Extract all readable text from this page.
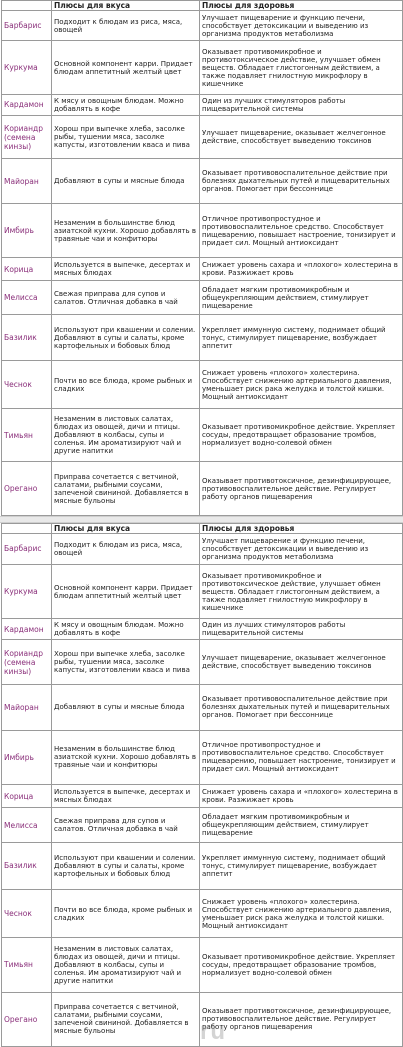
	Плюсы для вкуса	Плюсы для здоровья
Барбарис	Подходит к блюдам из риса, мяса, овощей	Улучшает пищеварение и функцию печени, способствует детоксикации и выведению из организма продуктов метаболизма
Куркума	Основной компонент карри. Придает блюдам аппетитный желтый цвет	Оказывает противомикробное и противотоксическое действие, улучшает обмен веществ. Обладает глистогонным действием, а также подавляет гнилостную микрофлору в кишечнике
Кардамон	К мясу и овощным блюдам. Можно добавлять в кофе	Один из лучших стимуляторов работы пищеварительной системы
Кориандр (семена кинзы)	Хорош при выпечке хлеба, засолке рыбы, тушении мяса, засолке капусты, изготовлении кваса и пива	Улучшает пищеварение, оказывает желчегонное действие, способствует выведению токсинов
Майоран	Добавляют в супы и мясные блюда	Оказывает противовоспалительное действие при болезнях дыхательных путей и пищеварительных органов. Помогает при бессоннице
Имбирь	Незаменим в большинстве блюд азиатской кухни. Хорошо добавлять в травяные чаи и конфитюры	Отличное противопростудное и противовоспалительное средство. Способствует пищеварению, повышает настроение, тонизирует и придает сил. Мощный антиоксидант
Корица	Используется в выпечке, десертах и мясных блюдах	Снижает уровень сахара и «плохого» холестерина в крови. Разжижает кровь
Мелисса	Свежая приправа для супов и салатов. Отличная добавка в чай	Обладает мягким противомикробным и общеукрепляющим действием, стимулирует пищеварение
Базилик	Используют при квашении и солении. Добавляют в супы и салаты, кроме картофельных и бобовых блюд	Укрепляет иммунную систему, поднимает общий тонус, стимулирует пищеварение, возбуждает аппетит
Чеснок	Почти во все блюда, кроме рыбных и сладких	Снижает уровень «плохого» холестерина. Способствует снижению артериального давления, уменьшает риск рака желудка и толстой кишки. Мощный антиоксидант
Тимьян	Незаменим в листовых салатах, блюдах из овощей, дичи и птицы. Добавляют в колбасы, супы и соленья. Им ароматизируют чай и другие напитки	Оказывает противомикробное действие. Укрепляет сосуды, предотвращает образование тромбов, нормализует водно-солевой обмен
Орегано	Приправа сочетается с ветчиной, салатами, рыбными соусами, запеченой свининой. Добавляется в мясные бульоны	Оказывает противотоксичное, дезинфицирующее, противовоспалительное действие. Регулирует работу органов пищеварения
	Плюсы для вкуса	Плюсы для здоровья
Барбарис	Подходит к блюдам из риса, мяса, овощей	Улучшает пищеварение и функцию печени, способствует детоксикации и выведению из организма продуктов метаболизма
Куркума	Основной компонент карри. Придает блюдам аппетитный желтый цвет	Оказывает противомикробное и противотоксическое действие, улучшает обмен веществ. Обладает глистогонным действием, а также подавляет гнилостную микрофлору в кишечнике
Кардамон	К мясу и овощным блюдам. Можно добавлять в кофе	Один из лучших стимуляторов работы пищеварительной системы
Кориандр (семена кинзы)	Хорош при выпечке хлеба, засолке рыбы, тушении мяса, засолке капусты, изготовлении кваса и пива	Улучшает пищеварение, оказывает желчегонное действие, способствует выведению токсинов
Майоран	Добавляют в супы и мясные блюда	Оказывает противовоспалительное действие при болезнях дыхательных путей и пищеварительных органов. Помогает при бессоннице
Имбирь	Незаменим в большинстве блюд азиатской кухни. Хорошо добавлять в травяные чаи и конфитюры	Отличное противопростудное и противовоспалительное средство. Способствует пищеварению, повышает настроение, тонизирует и придает сил. Мощный антиоксидант
Корица	Используется в выпечке, десертах и мясных блюдах	Снижает уровень сахара и «плохого» холестерина в крови. Разжижает кровь
Мелисса	Свежая приправа для супов и салатов. Отличная добавка в чай	Обладает мягким противомикробным и общеукрепляющим действием, стимулирует пищеварение
Базилик	Используют при квашении и солении. Добавляют в супы и салаты, кроме картофельных и бобовых блюд	Укрепляет иммунную систему, поднимает общий тонус, стимулирует пищеварение, возбуждает аппетит
Чеснок	Почти во все блюда, кроме рыбных и сладких	Снижает уровень «плохого» холестерина. Способствует снижению артериального давления, уменьшает риск рака желудка и толстой кишки. Мощный антиоксидант
Тимьян	Незаменим в листовых салатах, блюдах из овощей, дичи и птицы. Добавляют в колбасы, супы и соленья. Им ароматизируют чай и другие напитки	Оказывает противомикробное действие. Укрепляет сосуды, предотвращает образование тромбов, нормализует водно-солевой обмен
Орегано	Приправа сочетается с ветчиной, салатами, рыбными соусами, запеченой свининой. Добавляется в мясные бульоны	Оказывает противотоксичное, дезинфицирующее, противовоспалительное действие. Регулирует работу органов пищеварения
ru
